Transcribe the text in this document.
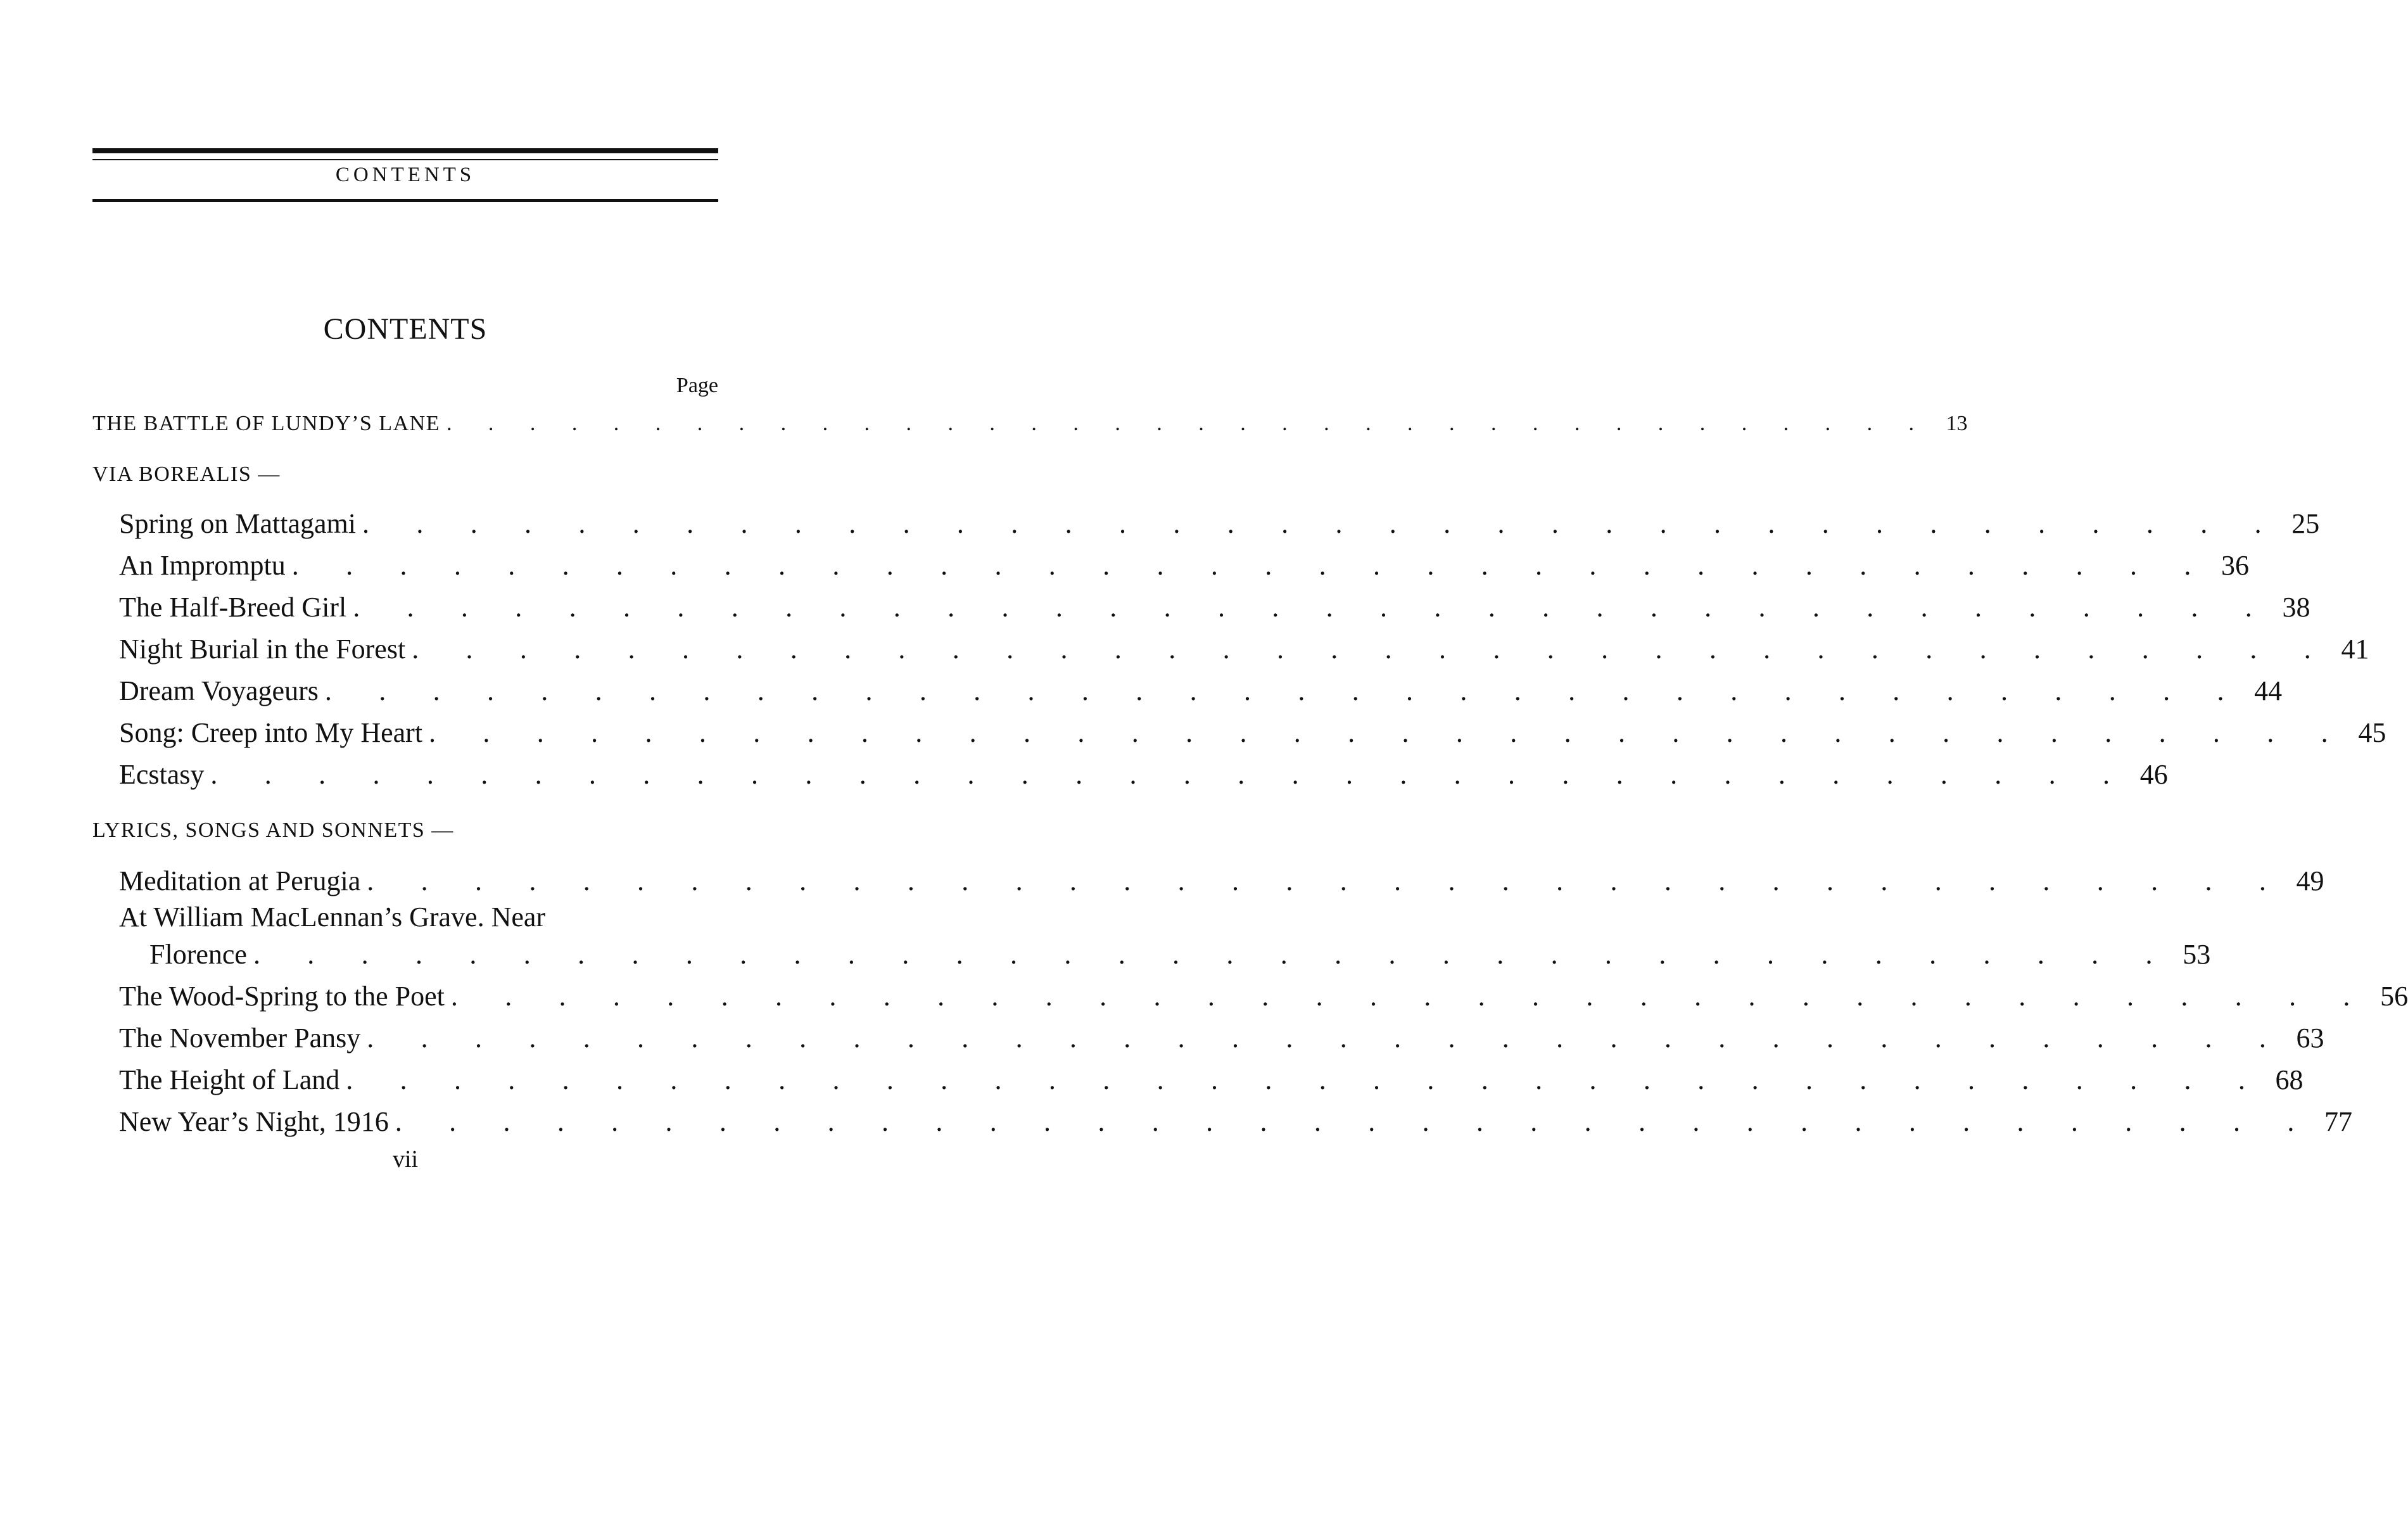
CONTENTS
CONTENTS
Page
THE BATTLE OF LUNDY’S LANE . . . . . . . . . . . . . . . . . . . . . . . . . . . . . . . . . . . . 13
VIA BOREALIS —
Spring on Mattagami . . . . . . . . . . . . . . . . . . . . . . . . . . . . . . . . . . . . 25
An Impromptu . . . . . . . . . . . . . . . . . . . . . . . . . . . . . . . . . . . . 36
The Half-Breed Girl . . . . . . . . . . . . . . . . . . . . . . . . . . . . . . . . . . . . 38
Night Burial in the Forest . . . . . . . . . . . . . . . . . . . . . . . . . . . . . . . . . . . . 41
Dream Voyageurs . . . . . . . . . . . . . . . . . . . . . . . . . . . . . . . . . . . . 44
Song: Creep into My Heart . . . . . . . . . . . . . . . . . . . . . . . . . . . . . . . . . . . . 45
Ecstasy . . . . . . . . . . . . . . . . . . . . . . . . . . . . . . . . . . . . 46
LYRICS, SONGS AND SONNETS —
Meditation at Perugia . . . . . . . . . . . . . . . . . . . . . . . . . . . . . . . . . . . . 49
At William MacLennan’s Grave. Near
Florence . . . . . . . . . . . . . . . . . . . . . . . . . . . . . . . . . . . . 53
The Wood-Spring to the Poet . . . . . . . . . . . . . . . . . . . . . . . . . . . . . . . . . . . . 56
The November Pansy . . . . . . . . . . . . . . . . . . . . . . . . . . . . . . . . . . . . 63
The Height of Land . . . . . . . . . . . . . . . . . . . . . . . . . . . . . . . . . . . . 68
New Year’s Night, 1916 . . . . . . . . . . . . . . . . . . . . . . . . . . . . . . . . . . . . 77
vii
